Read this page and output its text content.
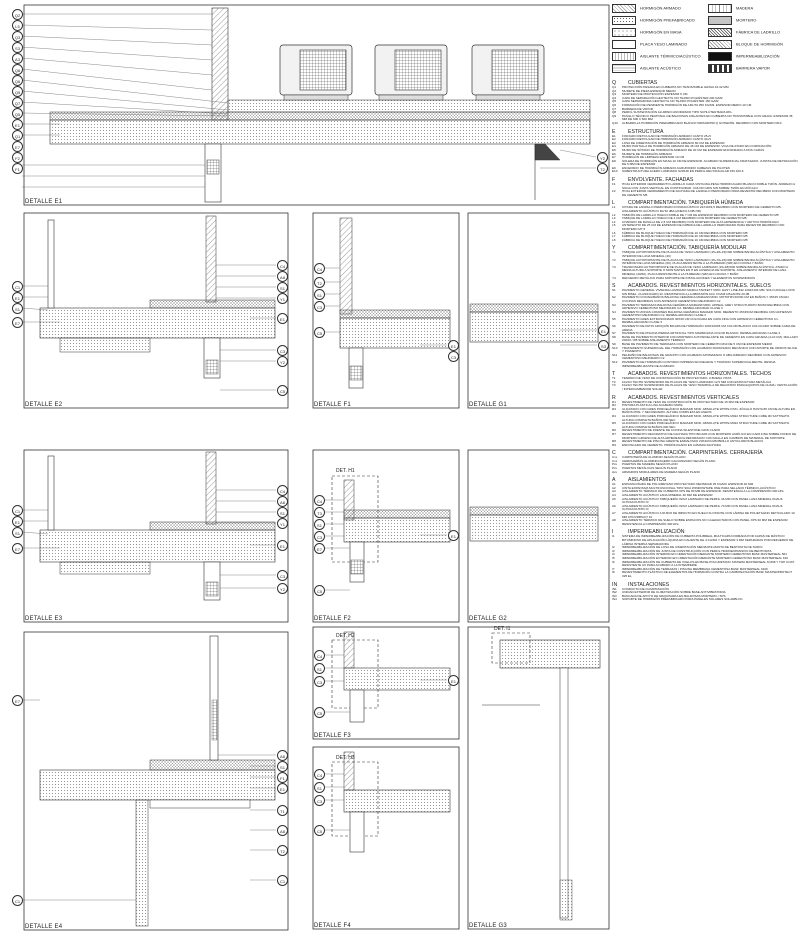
DETALLE E1
DETALLE E2
DETALLE E3
DETALLE E4
DETALLE F1
DETALLE F2
DETALLE F3
DETALLE F4
DETALLE G1
DETALLE G2
DETALLE G3
DET. H1
DET. H2
DET. H3
DET. I1
Q2
L5
Q3
S3
A3
Q8
Q6
Q5
Q7
Q5
E1
Q1
E7
F2
F1
Y2
T2
C4
A8
S1
Y1
E1
C3
Y2
C5
C1
E1
S1
E7
C4
A8
S1
Y1
E1
C3
Y2
C1
E1
S1
E7
E7
C1
A8
S1
F1
E1
T1
A8
T2
C1
C4
T2
S1
C3
C5
E1
C3
C4
T3
S1
C3
E7
C5
E1
C4
S1
C3
C5
E1
C4
S1
C3
C5
E1
S3
HORMIGÓN ARMADO	MADERA
HORMIGÓN PREFABRICADO	MORTERO
HORMIGÓN EN MASA	FÁBRICA DE LADRILLO
PLACA YESO LAMINADO	BLOQUE DE HORMIGÓN
AISLANTE TÉRMICO/ACÚSTICO	IMPERMEABILIZACIÓN
AISLANTE ACÚSTICO	BARRERA VAPOR
Q	CUBIERTAS
Q1	PROTECCIÓN PESADA EN CUBIERTA NO TRANSITABLE GRAVA 16-32 MM
Q2	MURETE DE PIEZA ESPESOR MEDIO
Q3	MORTERO DE PROTECCIÓN ESPESOR 5 CM
Q4	CAPA DE SEPARACIÓN GEOTEXTIL NO TEJIDO POLIÉSTER 200 G/M2
Q5	CAPA SEPARADORA GEOTEXTIL NO TEJIDO POLIÉSTER 150 G/M2
Q6	FORMACIÓN DE PENDIENTE HORMIGÓN DE ARLITA 350 KG/M3. ESPESOR MEDIO 10 CM
Q7	BARRERA DE VAPOR
Q8	PERFIL SUSTENTACIÓN ALUMINIO ANODIZADO TIPO SCHLÜTER BARA RKL
Q9	PASILLO TÉCNICO PEATONAL DE BALDOSAS AISLANTES EN CUBIERTA NO TRANSITABLE CON GRAVA. ESPESOR 35 MM DE 600 X 600 MM
Q10	ALBARDILLA HORMIGÓN PREFABRICADO BLANCO 500X200X50 Q GOTERÓN. RECIBIDO CON MORTERO M10
E	ESTRUCTURA
E1	FORJADO RETICULAR DE HORMIGÓN ARMADO CANTO 25+5
E2	FORJADO RETICULAR DE HORMIGÓN ARMADO CANTO 30+5
E3	LOSA DE CIMENTACIÓN DE HORMIGÓN ARMADO 80 CM DE ESPESOR
E4	MURO PANTALLA DE HORMIGÓN ARMADO DE 45 CM DE ESPESOR. VIGA DE ATADO EN CORONACIÓN
E5	MURO DE SÓTANO DE HORMIGÓN ARMADO DE 30 CM DE ESPESOR ENCOFRADO A DOS CARAS
E6	MURETE DE HORMIGÓN ARMADO
E7	HORMIGÓN DE LIMPIEZA ESPESOR 10 CM
E8	SOLERA DE HORMIGÓN EN MASA 10 CM DE ESPESOR. ACABADO SUPERFICIAL FRATASADO. JUNTAS DE RETRACCIÓN DE 5 MM DE ESPESOR
E9	ENCEPADO DE HORMIGÓN ARMADO AGRUPANDO CABEZAS DE PILOTES
E10	SUBESTRUCTURA ACERO LAMINADO S235JR EN PERFIL RECTANGULAR 150.100.6
F	ENVOLVENTE. FACHADAS
F1	HOJA EXTERIOR CERRAMIENTO LADRILLO CARA VISTA MALPESA HIDROFUGADO BLANCO DOBLE TIZÓN. APAREJO A SOGA CON JUNTA VERTICAL EN CONTINUIDAD. COLOR GRIS SIN SOBRE TIZÓN EN ZÓCALO
F2	HOJA EXTERIOR CERRAMIENTO DE FACHADA DE LADRILLO PERFORADO PARA REVESTIR RECIBIDO CON MORTERO DE CEMENTO M5
L	COMPARTIMENTACIÓN. TABIQUERÍA HÚMEDA
L1	CITARA DE LADRILLO PERFORADO FONOACÚSTICO 22X10X9,5 RECIBIDO CON MORTERO DE CEMENTO M5. AISLAMIENTO ACÚSTICO RA 52 dBA (ANEXO A DB-HR)
L2	TABICÓN DE LADRILLO HUECO DOBLE DE 7 CM DE ESPESOR RECIBIDO CON MORTERO DE CEMENTO M5
L3	TABIQUE DE LADRILLO HUECO DE 4 CM RECIBIDO CON MORTERO DE CEMENTO M5
L4	CHAPADO DE RASILLA DE 2,5 CM RECIBIDO CON MORTERO DE ALTA ADHERENCIA Y ADITIVO HIDRÓFUGO
L5	ANTEPECHO DE 25 CM DE ESPESOR DE FÁBRICA DE LADRILLO PERFORADO PARA REVESTIR RECIBIDO CON MORTERO M7,5
L6	FÁBRICA DE BLOQUE HUECO DE HORMIGÓN DE 10 CM RECIBIDA CON MORTERO M5
L7	FÁBRICA DE BLOQUE HUECO DE HORMIGÓN DE 20 CM RECIBIDA CON MORTERO M5
L8	FÁBRICA DE BLOQUE HUECO DE HORMIGÓN DE 10 CM RECIBIDA CON MORTERO M5
Y	COMPARTIMENTACIÓN. TABIQUERÍA MODULAR
Y1	TABIQUE AUTOPORTANTE DE PLACAS DE YESO LAMINADO (15+48+15)/400 SOBRE BANDA ACÚSTICA Y AISLAMIENTO INTERIOR DE LANA MINERAL (40)
Y2	TABIQUE AUTOPORTANTE DE PLACAS DE YESO LAMINADO (15+70+15)/400 SOBRE BANDA ACÚSTICA Y AISLAMIENTO INTERIOR DE LANA MINERAL (60). PLACA RESISTENTE A LA HUMEDAD (WR) EN COCINA Y BAÑO
Y3	TRASDOSADO AUTOPORTANTE DE PLACAS DE YESO LAMINADO (15+48)/600 SOBRE BANDA ACÚSTICA. ATADO A MEDIA ALTURA A SOPORTE O MONTANTES EN H EN AUSENCIA DE SOPORTE. AISLAMIENTO INTERIOR DE LANA MINERAL (40/60). PLACA RESISTENTE A LA HUMEDAD (WR) EN COCINA Y BAÑO
Y4	REFUERZO METÁLICO PARA SOPORTE DE INSTALACIONES Y ELEMENTOS SUSPENDIDOS
S	ACABADOS. REVESTIMIENTOS HORIZONTALES. SUELOS
S1	PAVIMENTO GENERAL VIVIENDA LAMINADO MARCA TARKETT MOD. EASY LINE 832 1292X194 MM. SOLO ANGLE LOOK SIN BISEL. CLASIFICADO 32. RESISTENCIA A LA ABRASIÓN AC4. FOAM AISLANTE 20 dB
S2	PAVIMENTO COCINA/BAÑOS BALDOSA CERÁMICA MARAZZI MOD. MOTOHIN 60X60 CM EN BAÑOS Y 45X45 CM EN COCINAS RECIBIDAS CON ADHESIVO CEMENTOSO MEJORADO C2
S3	PAVIMENTO TERRAZAS BALDOSA CERÁMICA MARAZZI MOD. APPEAL GREY STRUCTURATO 60X60 RECIBIDA CON ADHESIVO CEMENTOSO MEJORADO C2. RESBALADICIDAD CLASE 3
S4	PAVIMENTO ZONAS COMUNES BALDOSA CERÁMICA MARAZZI MOD. MEMENTO 45X45CM RECIBIDA CON ADHESIVO CEMENTOSO MEJORADO C2. RESBALADICIDAD CLASE 2
S5	PAVIMENTO GRES EXTRUSIONADO 30X30 CM COLOCADA EN CAPA FINA CON ADHESIVO CEMENTOSO C1. RESBALADICIDAD CLASE 3
S6	PAVIMENTO DE PATIO ADOQUÍN BICAPA DE HORMIGÓN 100X100X8 CM COLOR BLANCO COLOCADO SOBRE CAMA DE ARENA
S7	PAVIMENTO DE PISCINA PIEDRA ARTIFICIAL TIPO MARMOLINA COLOR BLANCO. RESBALADICIDAD CLASE 3
S8	BASE DE PAVIMENTO INTERIOR CON MORTERO AUTONIVELANTE DE CEMENTO EN CAPA GRUESA (4-10 CM). MALLAZO 20X20 / Ø5 SOBRE AISLAMIENTO TÉRMICO
S9	BASE DE PAVIMENTO DE TERRAZAS CON MORTERO DE CEMENTO M10 DE 5 CM DE ESPESOR MEDIO
S10	TRATAMIENTO SUPERFICIAL DEL HORMIGÓN CON ACABADO FRATASADO MECÁNICO CON APORTE DE ÁRIDOS SILICE Y PIGMENTO
S11	PELDAÑO DE BALDOSAS DE GRANITO CON ACABADO APOMAZADO O ABUJARDADO RECIBIDO CON ADHESIVO CEMENTOSO MEJORADO C2
S12	PAVIMENTO DE HORMIGÓN CONTINUO IMPRESO EN RELIEVE Y TRATADO SUPERFICIALMENTE. RESINA IMPERMEABILIZANTE DE ACABADO
T	ACABADOS. REVESTIMIENTOS HORIZONTALES. TECHOS
T1	TENDIDO DE YESO DE CONSTRUCCIÓN B1 PROYECTADO. A BUENA VISTA
T2	FALSO TECHO SUSPENDIDO DE PLACAS DE YESO LAMINADO 12,5 MM CON ESTRUCTURA METÁLICA
T3	FALSO TECHO SUSPENDIDO DE PLACAS DE YESO TRAMPILLA DE REGISTRO PARA EQUIPOS DE CLIMA / VENTILACIÓN / INTERCAMBIADOR SOLAR
R	ACABADOS. REVESTIMIENTOS VERTICALES
R1	REVESTIMIENTO DE YESO DE CONSTRUCCIÓN B1 PROYECTADO DE 15 MM DE ESPESOR
R2	PINTURA PLÁSTICA LISA ACABADO MATE
R3	ALICATADO CON GRES PORCELÁNICO MARAZZI MOD. ABSOLUTE WHITE D7Z1. ZÓCALO HASTA 85 CM DE ALTURA EN BAÑOS PPAL Y SECUNDARIO. ALTURA COMPLETA EN ASEOS
R4	ALICATADO CON GRES PORCELÁNICO MARAZZI MOD. ABSOLUTE WHITE M022 STRUCTURE CUBE 3D SATTINATO. ALTURA COMPLETA BAÑOS 600 SEC
R5	ALICATADO CON GRES PORCELÁNICO MARAZZI MOD. ABSOLUTE WHITE M022 STRUCTURE CUBE 3D SATTINATO. ALTURA COMPLETA BAÑOS 600 SEC
R6	REVESTIMIENTO DE FRENTE DE COCINA SILESTONE GRIS CLARO
R7	REVESTIMIENTO DECORATIVO DE FACHADA TIPO BICAPA CON MORTERO ACRÍLICO EN CAPA FINA SOBRE FONDO DE MORTERO GRUESO DE ALTA ADHERENCIA REFORZADO CON MALLA EN CAMBIOS DE MATERIAL DE SOPORTE
R8	REVESTIMIENTO DE PISCINA GRESITE ESMALTADO 20X20X4 MM BRILLO ANTICLOROS BLANCO
R9	ENFOSCADO DE CEMENTO. HIDRÓFUGADO EN CÁMARA FACHADA
C	COMPARTIMENTACIÓN. CARPINTERÍAS. CERRAJERÍA
Cxx	CARPINTERÍA DE ALUMINIO SEGÚN PLANO
Cxx	CERRAJERÍAS ALUMINIO/ACERO GALVANIZADO SEGÚN PLANO
Pxx	PUERTAS DE MADERA SEGÚN PLANO
Pxx	PUERTAS METÁLICAS SEGÚN PLANO
Axx	ARMARIOS MODULARES DE MADERA SEGÚN PLANO
A	AISLAMIENTOS
A1	ESPUMA RÍGIDA DE POLIURETANO PROYECTADO DENSIDAD 35 KG/M3. ESPESOR 40 MM
A2	CINTA EXPANSIVA MULTIFUNCIONAL TIPO SIKA WINDOWTAPE ONE PARA SELLADO TÉRMICO-ACÚSTICO
A3	AISLAMIENTO TÉRMICO DE CUBIERTA XPS DE 80 MM DE ESPESOR. RESISTENCIA A LA COMPRESIÓN 300 kPa
A4	AISLAMIENTO ACÚSTICO LANA MINERAL 30 MM DE ESPESOR
A5	AISLAMIENTO ACÚSTICO TABIQUERÍA YESO LAMINADO DE PERFIL 46 MM CON PANEL LANA MINERAL KNAUF ULTRACOUSTIC R
A6	AISLAMIENTO ACÚSTICO TABIQUERÍA YESO LAMINADO DE PERFIL 70 MM CON PANEL LANA MINERAL KNAUF ULTRACOUSTIC R
A7	AISLAMIENTO ACÚSTICO A RUIDO DE IMPACTO EN SUELO FLOTANTE CON LÁMINA DE POLIETILENO RETICULADO 10 MM CHOVIMPACT 10
A8	AISLAMIENTO TÉRMICO DE SUELO SOBRE ESPACIOS NO CALEFACTADOS CON PANEL XPS 30 MM DE ESPESOR. RESISTENCIA A COMPRESIÓN 300 kPa
I	IMPERMEABILIZACIÓN
I1	SISTEMA DE IMPERMEABILIZACIÓN DE CUBIERTA POLIBREAL MULTICAPA FORMADA POR CAPAS DE MÁSTICO BITUMINOSO DE APLICACIÓN LÍQUIDA EN CALIENTE DE 4 KG/M2 Y ESPESOR 3 MM SEPARADAS POR REFUERZO DE LÁMINA INTERNA SEPARADORA
I2	IMPERMEABILIZACIÓN DE LOSA DE CIMENTACIÓN MEDIANTE MANTA DE BENTONITA DE SODIO
I3	IMPERMEABILIZACIÓN DE JUNTA DE CONSTRUCCIÓN CON PERFIL HIDROEXPANSIVO DE BENTONITA
I4	IMPERMEABILIZACIÓN INTERIOR EN CIMENTACIÓN MEDIANTE MORTERO CEMENTOSO BASF MASTERSEAL 561
I5	IMPERMEABILIZACIÓN EXTERIOR EN CIMENTACIÓN MEDIANTE MORTERO CEMENTOSO BASF MASTERSEAL 610
I6	IMPERMEABILIZACIÓN DE CUBIERTA DE VUELOS EN BASE POLIURETANO SISTEMA MASTERSEAL M 808 Y TOP COAT RESISTENTE UV PARA ACABADO A LA INTEMPERIE
I7	IMPERMEABILIZACIÓN DE TERRAZAS / PISCINA MEMBRANA CEMENTOSA BASF MASTERSEAL 6100
I8	REVESTIMIENTO PLÁSTICO DE ELEMENTOS DE HORMIGÓN CONTRA LA CARBONATACIÓN BASF MASTERPROTECT 325 EL
IN	INSTALACIONES
IN1	CONDUCTO DE CLIMATIZACIÓN
IN2	UNIDAD EXTERIOR DE CLIMATIZACIÓN SOBRE BASE ANTIVIBRATORIA
IN3	BANCADA DE APOYO DE MAQUINARIA EN BALDOSAS MORTERO / XPS
IN4	SOPORTE DE HORMIGÓN PREFABRICADO PARA PANELES SOLARES SOLARBLOC
